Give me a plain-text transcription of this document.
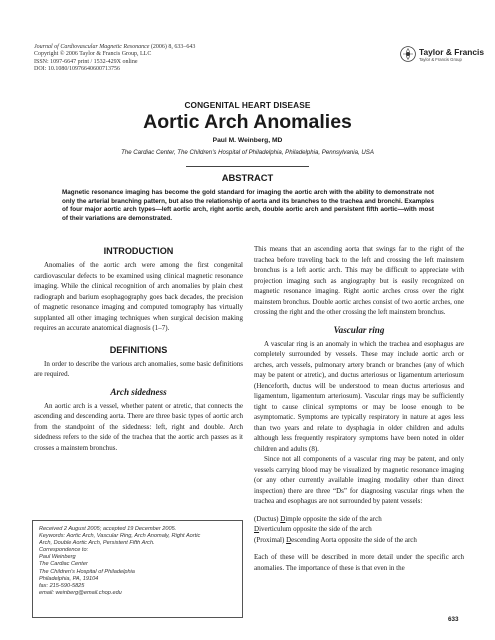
Journal of Cardiovascular Magnetic Resonance (2006) 8, 633–643
Copyright © 2006 Taylor & Francis Group, LLC
ISSN: 1097-6647 print / 1532-429X online
DOI: 10.1080/10976640600713756
Taylor & Francis
Taylor & Francis Group
CONGENITAL HEART DISEASE
Aortic Arch Anomalies
Paul M. Weinberg, MD
The Cardiac Center, The Children's Hospital of Philadelphia, Philadelphia, Pennsylvania, USA
ABSTRACT
Magnetic resonance imaging has become the gold standard for imaging the aortic arch with the ability to demonstrate not only the arterial branching pattern, but also the relationship of aorta and its branches to the trachea and bronchi. Examples of four major aortic arch types—left aortic arch, right aortic arch, double aortic arch and persistent fifth aortic—with most of their variations are demonstrated.
INTRODUCTION

Anomalies of the aortic arch were among the first congenital cardiovascular defects to be examined using clinical magnetic resonance imaging. While the clinical recognition of arch anomalies by plain chest radiograph and barium esophagography goes back decades, the precision of magnetic resonance imaging and computed tomography has virtually supplanted all other imaging techniques when surgical decision making requires an accurate anatomical diagnosis (1–7).

DEFINITIONS

In order to describe the various arch anomalies, some basic definitions are required.

Arch sidedness

An aortic arch is a vessel, whether patent or atretic, that connects the ascending and descending aorta. There are three basic types of aortic arch from the standpoint of the sidedness: left, right and double. Arch sidedness refers to the side of the trachea that the aortic arch passes as it crosses a mainstem bronchus.

Received 2 August 2005; accepted 19 December 2005.
Keywords: Aortic Arch, Vascular Ring, Arch Anomaly, Right Aortic
Arch, Double Aortic Arch, Persistent Fifth Arch.
Correspondence to:
Paul Weinberg
The Cardiac Center
The Children's Hospital of Philadelphia
Philadelphia, PA, 19104
fax: 215-590-5825
email: weinberg@email.chop.edu

This means that an ascending aorta that swings far to the right of the trachea before traveling back to the left and crossing the left mainstem bronchus is a left aortic arch. This may be difficult to appreciate with projection imaging such as angiography but is easily recognized on magnetic resonance imaging. Right aortic arches cross over the right mainstem bronchus. Double aortic arches consist of two aortic arches, one crossing the right and the other crossing the left mainstem bronchus.

Vascular ring

A vascular ring is an anomaly in which the trachea and esophagus are completely surrounded by vessels. These may include aortic arch or arches, arch vessels, pulmonary artery branch or branches (any of which may be patent or atretic), and ductus arteriosus or ligamentum arteriosum (Henceforth, ductus will be understood to mean ductus arteriosus and ligamentum, ligamentum arteriosum). Vascular rings may be sufficiently tight to cause clinical symptoms or may be loose enough to be asymptomatic. Symptoms are typically respiratory in nature at ages less than two years and relate to dysphagia in older children and adults although less frequently respiratory symptoms have been noted in older children and adults (8).

Since not all components of a vascular ring may be patent, and only vessels carrying blood may be visualized by magnetic resonance imaging (or any other currently available imaging modality other than direct inspection) there are three “Ds” for diagnosing vascular rings when the trachea and esophagus are not surrounded by patent vessels:

(Ductus) Dimple opposite the side of the arch
Diverticulum opposite the side of the arch
(Proximal) Descending Aorta opposite the side of the arch

Each of these will be described in more detail under the specific arch anomalies. The importance of these is that even in the

633
